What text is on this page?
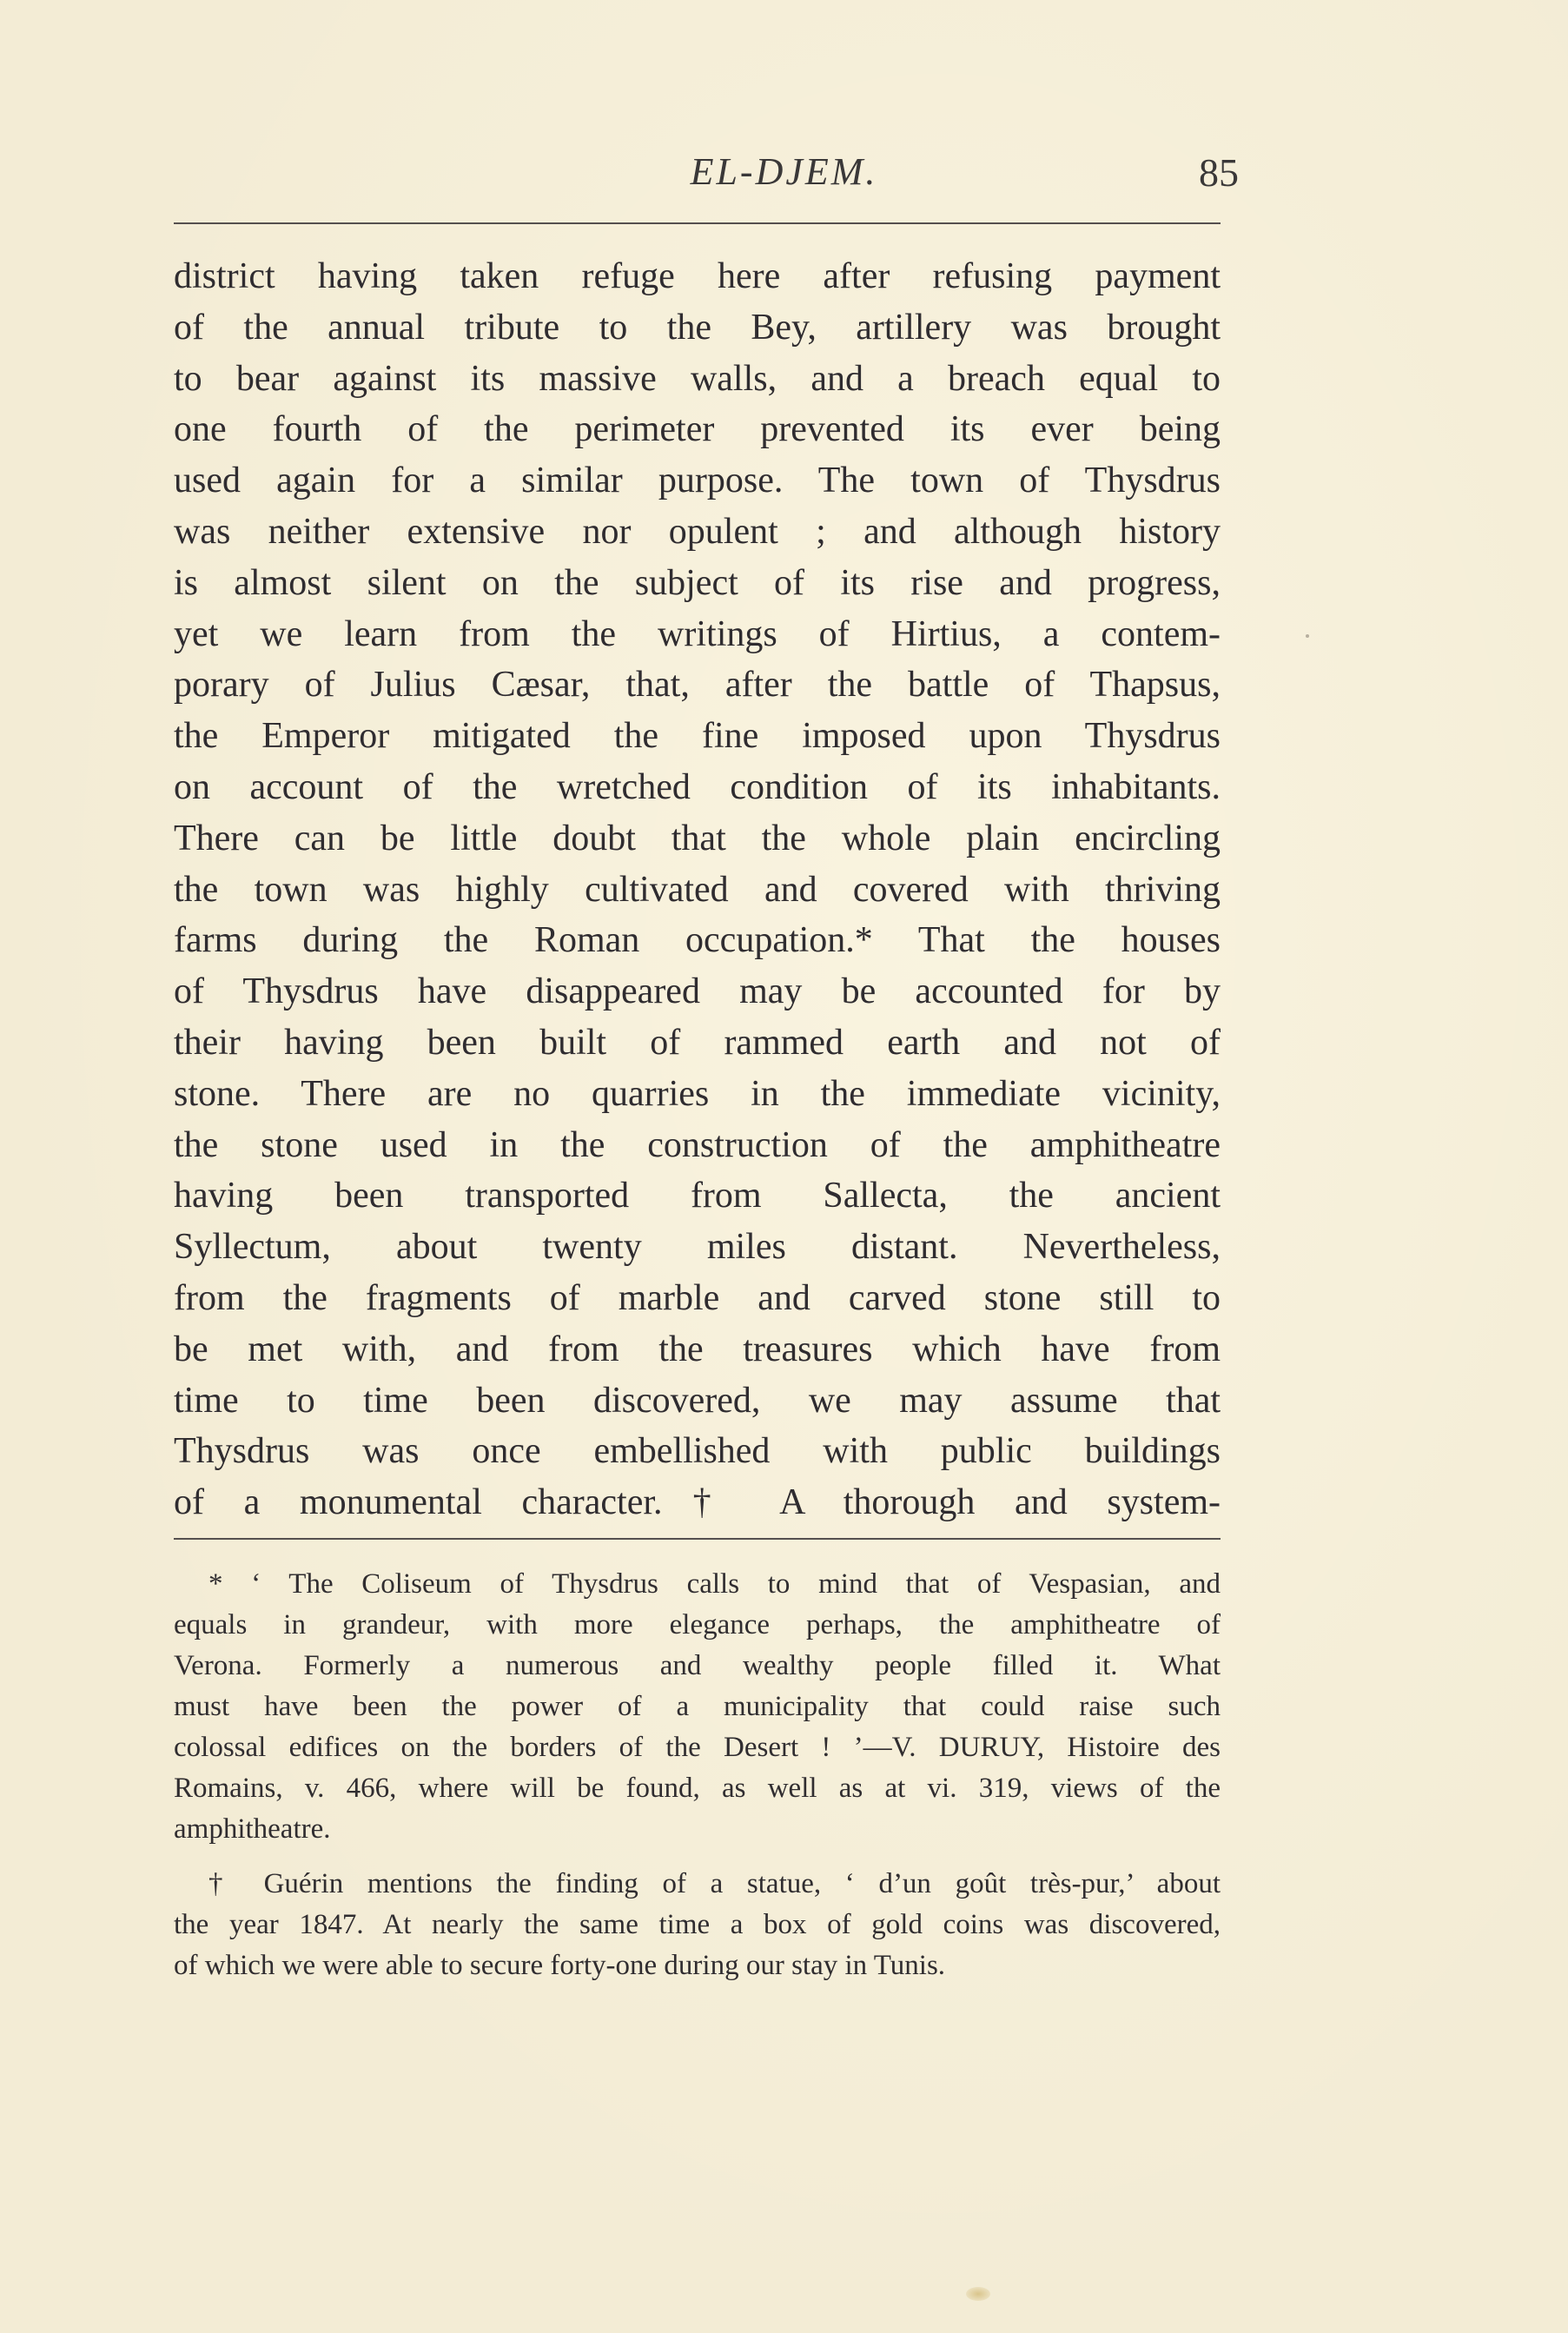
EL-DJEM.	85
district having taken refuge here after refusing payment
of the annual tribute to the Bey, artillery was brought
to bear against its massive walls, and a breach equal to
one fourth of the perimeter prevented its ever being
used again for a similar purpose. The town of Thysdrus
was neither extensive nor opulent ; and although history
is almost silent on the subject of its rise and progress,
yet we learn from the writings of Hirtius, a contem-
porary of Julius Cæsar, that, after the battle of Thapsus,
the Emperor mitigated the fine imposed upon Thysdrus
on account of the wretched condition of its inhabitants.
There can be little doubt that the whole plain encircling
the town was highly cultivated and covered with thriving
farms during the Roman occupation.* That the houses
of Thysdrus have disappeared may be accounted for by
their having been built of rammed earth and not of
stone. There are no quarries in the immediate vicinity,
the stone used in the construction of the amphitheatre
having been transported from Sallecta, the ancient
Syllectum, about twenty miles distant. Nevertheless,
from the fragments of marble and carved stone still to
be met with, and from the treasures which have from
time to time been discovered, we may assume that
Thysdrus was once embellished with public buildings
of a monumental character.† A thorough and system-
* ‘ The Coliseum of Thysdrus calls to mind that of Vespasian, and
equals in grandeur, with more elegance perhaps, the amphitheatre of
Verona. Formerly a numerous and wealthy people filled it. What
must have been the power of a municipality that could raise such
colossal edifices on the borders of the Desert ! ’—V. DURUY, Histoire des
Romains, v. 466, where will be found, as well as at vi. 319, views of the
amphitheatre.
† Guérin mentions the finding of a statue, ‘ d’un goût très-pur,’ about
the year 1847. At nearly the same time a box of gold coins was discovered,
of which we were able to secure forty-one during our stay in Tunis.
